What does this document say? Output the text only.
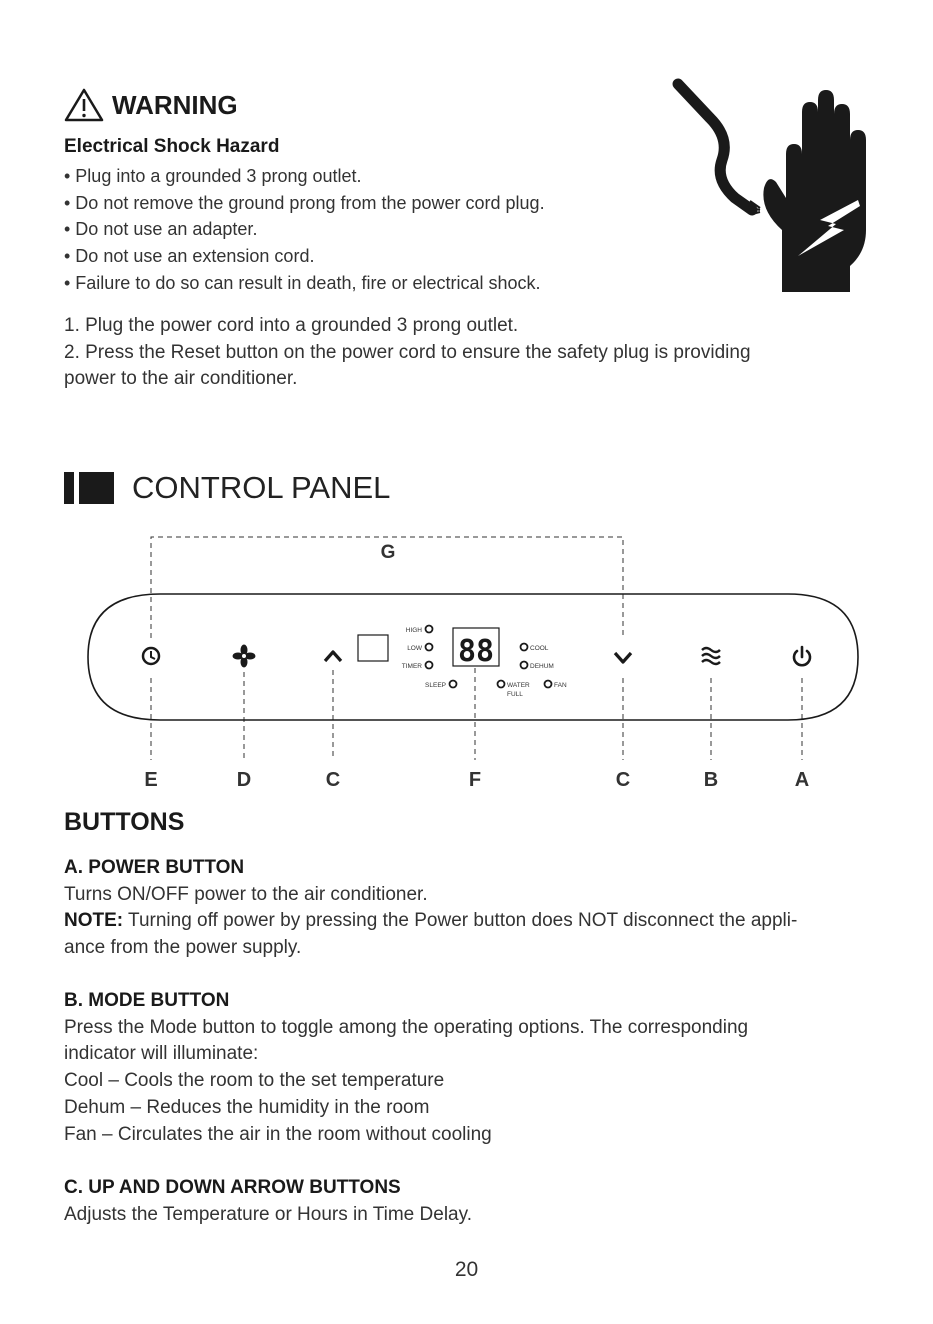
WARNING
Electrical Shock Hazard
• Plug into a grounded 3 prong outlet.
• Do not remove the ground prong from the power cord plug.
• Do not use an adapter.
• Do not use an extension cord.
• Failure to do so can result in death, fire or electrical shock.
1. Plug the power cord into a grounded 3 prong outlet.
2. Press the Reset button on the power cord to ensure the safety plug is providing
power to the air conditioner.
CONTROL PANEL
G
HIGH
LOW
TIMER
SLEEP
COOL
DEHUM
WATER
FULL
FAN
88
E	D	C	F	C	B	A
BUTTONS
A. POWER BUTTON
Turns ON/OFF power to the air conditioner.
NOTE: Turning off power by pressing the Power button does NOT disconnect the appli-
ance from the power supply.
B. MODE BUTTON
Press the Mode button to toggle among the operating options. The corresponding
indicator will illuminate:
Cool – Cools the room to the set temperature
Dehum – Reduces the humidity in the room
Fan – Circulates the air in the room without cooling
C. UP AND DOWN ARROW BUTTONS
Adjusts the Temperature or Hours in Time Delay.
20
